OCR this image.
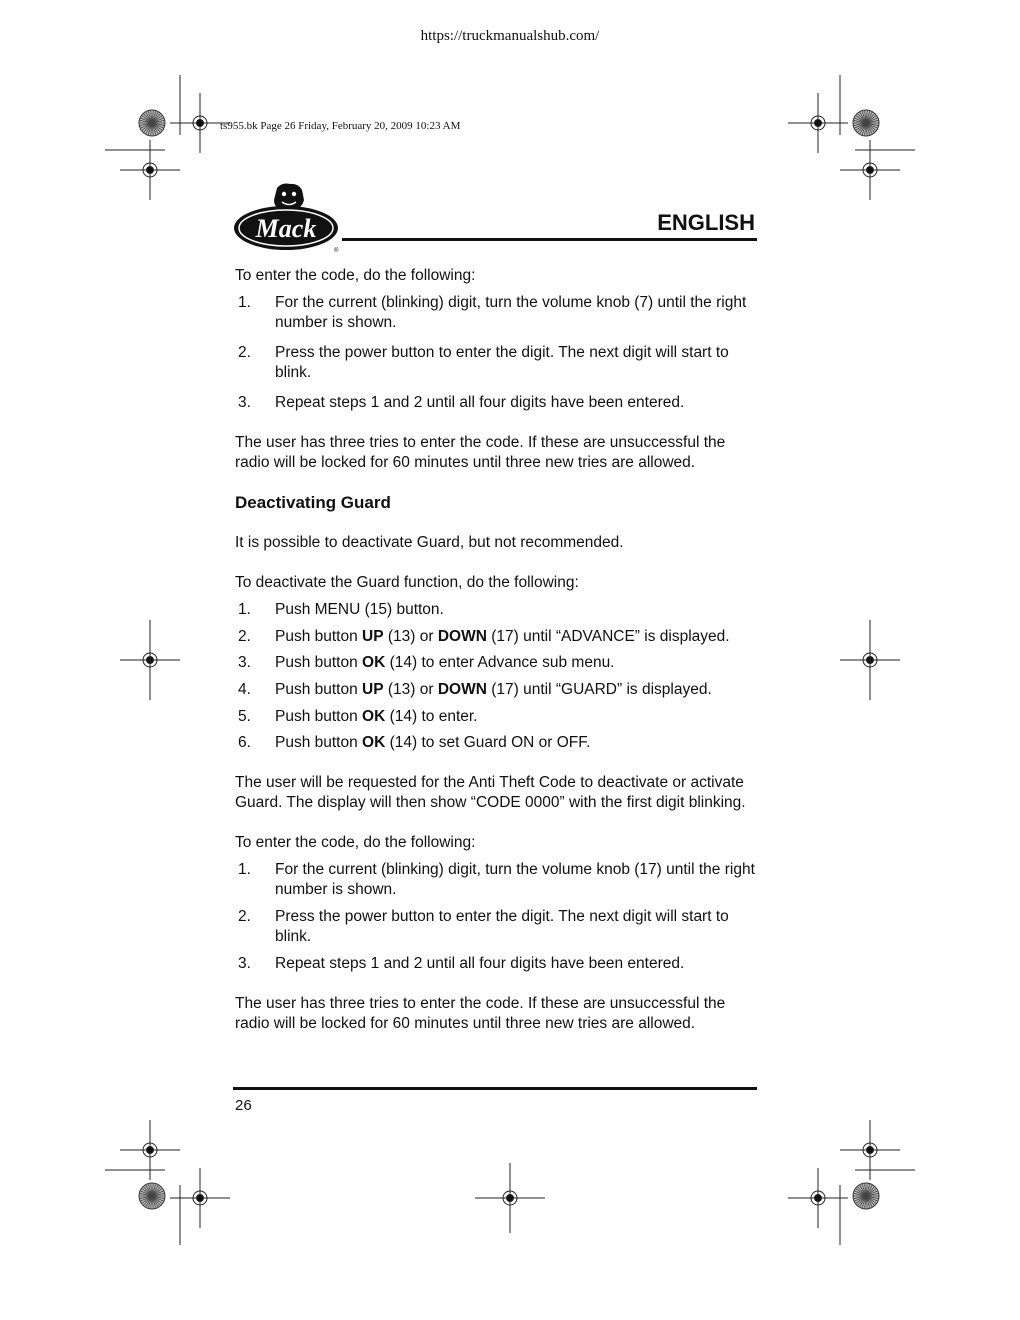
https://truckmanualshub.com/
ts955.bk Page 26 Friday, February 20, 2009 10:23 AM
Mack
®
ENGLISH

To enter the code, do the following:

1. For the current (blinking) digit, turn the volume knob (7) until the right number is shown.
2. Press the power button to enter the digit. The next digit will start to blink.
3. Repeat steps 1 and 2 until all four digits have been entered.

The user has three tries to enter the code. If these are unsuccessful the radio will be locked for 60 minutes until three new tries are allowed.

Deactivating Guard

It is possible to deactivate Guard, but not recommended.

To deactivate the Guard function, do the following:

1. Push MENU (15) button.
2. Push button UP (13) or DOWN (17) until “ADVANCE” is displayed.
3. Push button OK (14) to enter Advance sub menu.
4. Push button UP (13) or DOWN (17) until “GUARD” is displayed.
5. Push button OK (14) to enter.
6. Push button OK (14) to set Guard ON or OFF.

The user will be requested for the Anti Theft Code to deactivate or activate Guard. The display will then show “CODE 0000” with the first digit blinking.

To enter the code, do the following:

1. For the current (blinking) digit, turn the volume knob (17) until the right number is shown.
2. Press the power button to enter the digit. The next digit will start to blink.
3. Repeat steps 1 and 2 until all four digits have been entered.

The user has three tries to enter the code. If these are unsuccessful the radio will be locked for 60 minutes until three new tries are allowed.

26
